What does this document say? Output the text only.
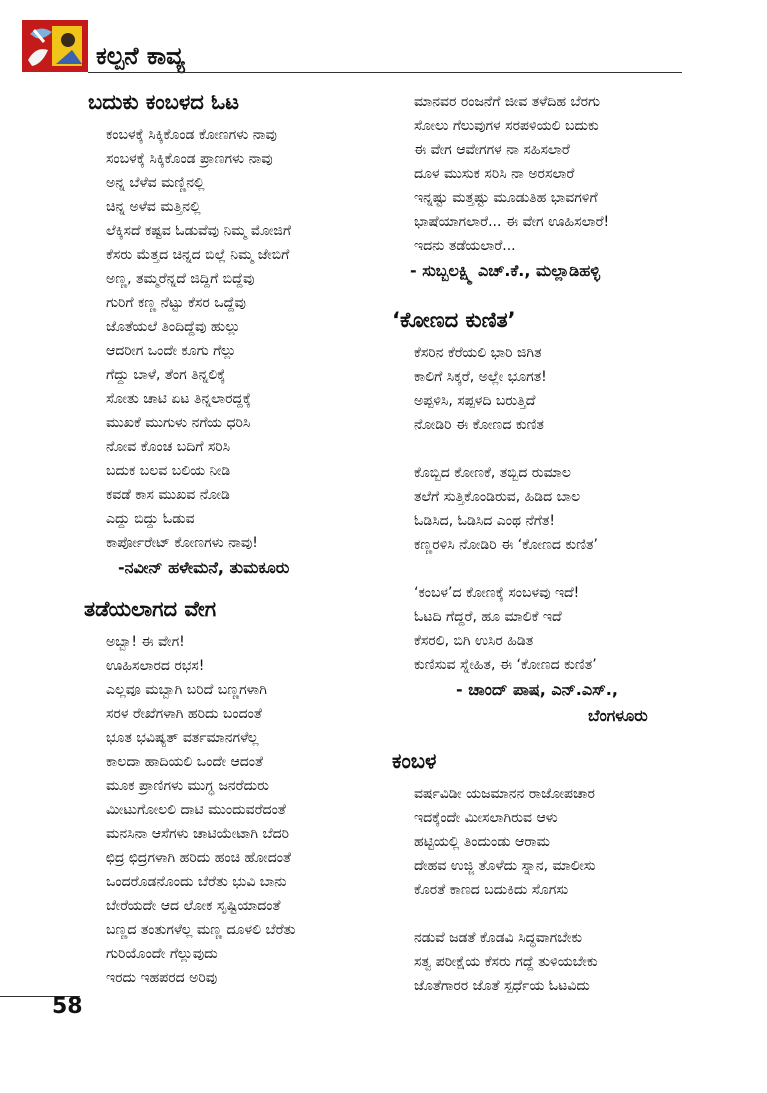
ಕಲ್ಪನೆ ಕಾವ್ಯ
ಬದುಕು ಕಂಬಳದ ಓಟ
ಕಂಬಳಕ್ಕೆ ಸಿಕ್ಕಿಕೊಂಡ ಕೋಣಗಳು ನಾವು
ಸಂಬಳಕ್ಕೆ ಸಿಕ್ಕಿಕೊಂಡ ಪ್ರಾಣಗಳು ನಾವು
ಅನ್ನ ಬೆಳೆವ ಮಣ್ಣಿನಲ್ಲಿ
ಚಿನ್ನ ಅಳೆವ ಮತ್ತಿನಲ್ಲಿ
ಲೆಕ್ಕಿಸದೆ ಕಷ್ಟವ ಓಡುವೆವು ನಿಮ್ಮ ಮೋಜಿಗೆ
ಕೆಸರು ಮೆತ್ತದ ಚಿನ್ನದ ಬಿಲ್ಲೆ ನಿಮ್ಮ ಜೇಬಿಗೆ
ಅಣ್ಣ, ತಮ್ಮರೆನ್ನದೆ ಜಿದ್ದಿಗೆ ಬಿದ್ದೆವು
ಗುರಿಗೆ ಕಣ್ಣ ನೆಟ್ಟು ಕೆಸರ ಒದ್ದೆವು
ಜೊತೆಯಲೆ ತಿಂದಿದ್ದೆವು ಹುಲ್ಲು
ಆದರೀಗ ಒಂದೇ ಕೂಗು ಗೆಲ್ಲು
ಗೆದ್ದು ಬಾಳೆ, ತೆಂಗ ತಿನ್ನಲಿಕ್ಕೆ
ಸೋತು ಚಾಟಿ ಏಟ ತಿನ್ನಲಾರದ್ದಕ್ಕೆ
ಮುಖಕೆ ಮುಗುಳು ನಗೆಯ ಧರಿಸಿ
ನೋವ ಕೊಂಚ ಬದಿಗೆ ಸರಿಸಿ
ಬದುಕ ಬಲವ ಬಲಿಯ ನೀಡಿ
ಕವಡೆ ಕಾಸ ಮುಖವ ನೋಡಿ
ಎದ್ದು ಬಿದ್ದು ಓಡುವ
ಕಾರ್ಪೋರೇಟ್ ಕೋಣಗಳು ನಾವು!
-ನವೀನ್ ಹಳೇಮನೆ, ತುಮಕೂರು
ತಡೆಯಲಾಗದ ವೇಗ
ಅಬ್ಬಾ! ಈ ವೇಗ!
ಊಹಿಸಲಾರದ ರಭಸ!
ಎಲ್ಲವೂ ಮಬ್ಬಾಗಿ ಬರಿದೆ ಬಣ್ಣಗಳಾಗಿ
ಸರಳ ರೇಖೆಗಳಾಗಿ ಹರಿದು ಬಂದಂತೆ
ಭೂತ ಭವಿಷ್ಯತ್ ವರ್ತಮಾನಗಳೆಲ್ಲ
ಕಾಲದಾ ಹಾದಿಯಲಿ ಒಂದೇ ಆದಂತೆ
ಮೂಕ ಪ್ರಾಣಿಗಳು ಮುಗ್ಧ ಜನರೆದುರು
ಮೀಟುಗೋಲಲಿ ದಾಟಿ ಮುಂದುವರೆದಂತೆ
ಮನಸಿನಾ ಆಸೆಗಳು ಚಾಟಿಯೇಟಾಗಿ ಬೆದರಿ
ಛಿದ್ರ ಛಿದ್ರಗಳಾಗಿ ಹರಿದು ಹಂಚಿ ಹೋದಂತೆ
ಒಂದರೊಡನೊಂದು ಬೆರೆತು ಭುವಿ ಬಾನು
ಬೇರೆಯದೇ ಆದ ಲೋಕ ಸೃಷ್ಟಿಯಾದಂತೆ
ಬಣ್ಣದ ತಂತುಗಳೆಲ್ಲ ಮಣ್ಣ ದೂಳಲಿ ಬೆರೆತು
ಗುರಿಯೊಂದೇ ಗೆಲ್ಲುವುದು
ಇರದು ಇಹಪರದ ಅರಿವು
ಮಾನವರ ರಂಜನೆಗೆ ಜೀವ ತಳೆದಿಹ ಬೆರಗು
ಸೋಲು ಗೆಲುವುಗಳ ಸರಪಳಿಯಲಿ ಬದುಕು
ಈ ವೇಗ ಆವೇಗಗಳ ನಾ ಸಹಿಸಲಾರೆ
ದೂಳ ಮುಸುಕ ಸರಿಸಿ ನಾ ಅರಸಲಾರೆ
ಇನ್ನಷ್ಟು ಮತ್ತಷ್ಟು ಮೂಡುತಿಹ ಭಾವಗಳಿಗೆ
ಭಾಷೆಯಾಗಲಾರೆ... ಈ ವೇಗ ಊಹಿಸಲಾರೆ!
ಇದನು ತಡೆಯಲಾರೆ...
- ಸುಬ್ಬಲಕ್ಷ್ಮಿ ಎಚ್.ಕೆ., ಮಲ್ಲಾಡಿಹಳ್ಳಿ
‘ಕೋಣದ ಕುಣಿತ’
ಕೆಸರಿನ ಕೆರೆಯಲಿ ಭಾರಿ ಜಿಗಿತ
ಕಾಲಿಗೆ ಸಿಕ್ಕರೆ, ಅಲ್ಲೇ ಭೂಗತ!
ಅಪ್ಪಳಿಸಿ, ಸಪ್ಪಳದಿ ಬರುತ್ತಿದೆ
ನೋಡಿರಿ ಈ ಕೋಣದ ಕುಣಿತ
ಕೊಬ್ಬಿದ ಕೋಣಕೆ, ತಬ್ಬಿದ ರುಮಾಲ
ತಲೆಗೆ ಸುತ್ತಿಕೊಂಡಿರುವ, ಹಿಡಿದ ಬಾಲ
ಓಡಿಸಿದ, ಓಡಿಸಿದ ಎಂಥ ನೆಗೆತ!
ಕಣ್ಣರಳಿಸಿ ನೋಡಿರಿ ಈ ‘ಕೋಣದ ಕುಣಿತ’
‘ಕಂಬಳ’ದ ಕೋಣಕ್ಕೆ ಸಂಬಳವು ಇದೆ!
ಓಟದಿ ಗೆದ್ದರೆ, ಹೂ ಮಾಲಿಕೆ ಇದೆ
ಕೆಸರಲಿ, ಬಿಗಿ ಉಸಿರ ಹಿಡಿತ
ಕುಣಿಸುವ ಸ್ನೇಹಿತ, ಈ ‘ಕೋಣದ ಕುಣಿತ’
- ಚಾಂದ್ ಪಾಷ, ಎನ್.ಎಸ್.,
ಬೆಂಗಳೂರು
ಕಂಬಳ
ವರ್ಷವಿಡೀ ಯಜಮಾನನ ರಾಜೋಪಚಾರ
ಇದಕ್ಕೆಂದೇ ಮೀಸಲಾಗಿರುವ ಆಳು
ಹಟ್ಟಿಯಲ್ಲಿ ತಿಂದುಂಡು ಆರಾಮ
ದೇಹವ ಉಜ್ಜಿ ತೊಳೆದು ಸ್ನಾನ, ಮಾಲೀಸು
ಕೊರತೆ ಕಾಣದ ಬದುಕಿದು ಸೊಗಸು
ನಡುವೆ ಜಡತೆ ಕೊಡವಿ ಸಿದ್ಧವಾಗಬೇಕು
ಸತ್ವ ಪರೀಕ್ಷೆಯ ಕೆಸರು ಗದ್ದೆ ತುಳಿಯಬೇಕು
ಜೊತೆಗಾರರ ಜೊತೆ ಸ್ಪರ್ಧೆಯ ಓಟವಿದು
58
